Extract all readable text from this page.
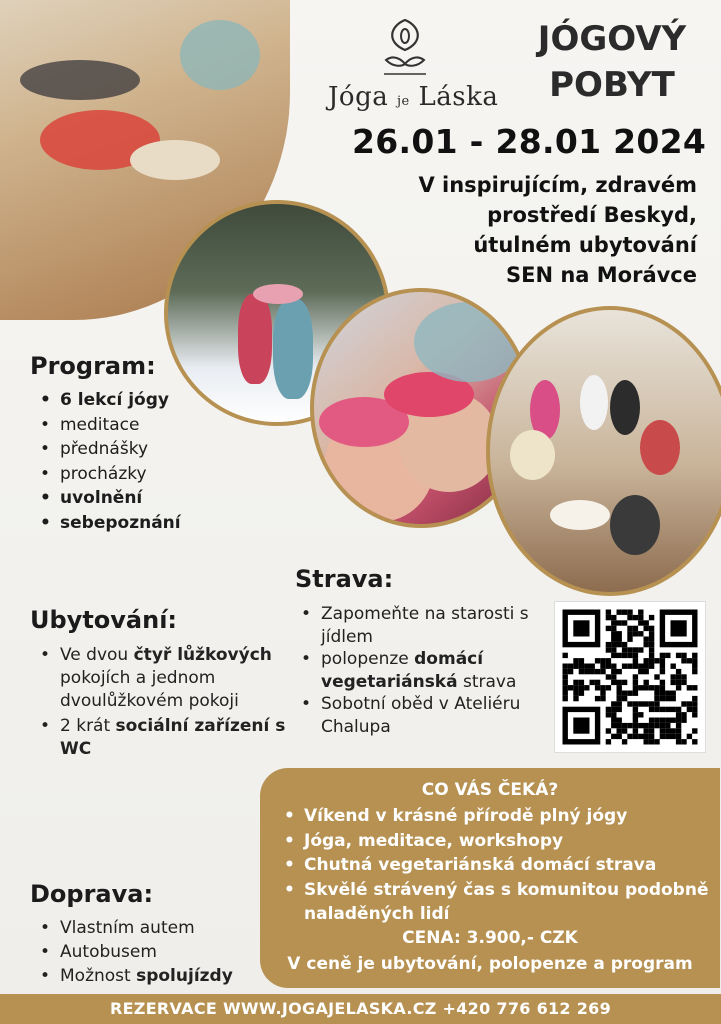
Jóga je Láska
JÓGOVÝ
POBYT
26.01 - 28.01 2024
V inspirujícím, zdravém
prostředí Beskyd,
útulném ubytování
SEN na Morávce
Program:
• 6 lekcí jógy
• meditace
• přednášky
• procházky
• uvolnění
• sebepoznání
Strava:
• Zapomeňte na starosti s jídlem
• polopenze domácí vegetariánská strava
• Sobotní oběd v Ateliéru Chalupa
Ubytování:
• Ve dvou čtyř lůžkových pokojích a jednom dvoulůžkovém pokoji
• 2 krát sociální zařízení s WC
Doprava:
• Vlastním autem
• Autobusem
• Možnost spolujízdy
CO VÁS ČEKÁ?
• Víkend v krásné přírodě plný jógy
• Jóga, meditace, workshopy
• Chutná vegetariánská domácí strava
• Skvělé strávený čas s komunitou podobně naladěných lidí
CENA: 3.900,- CZK
V ceně je ubytování, polopenze a program
REZERVACE WWW.JOGAJELASKA.CZ +420 776 612 269
